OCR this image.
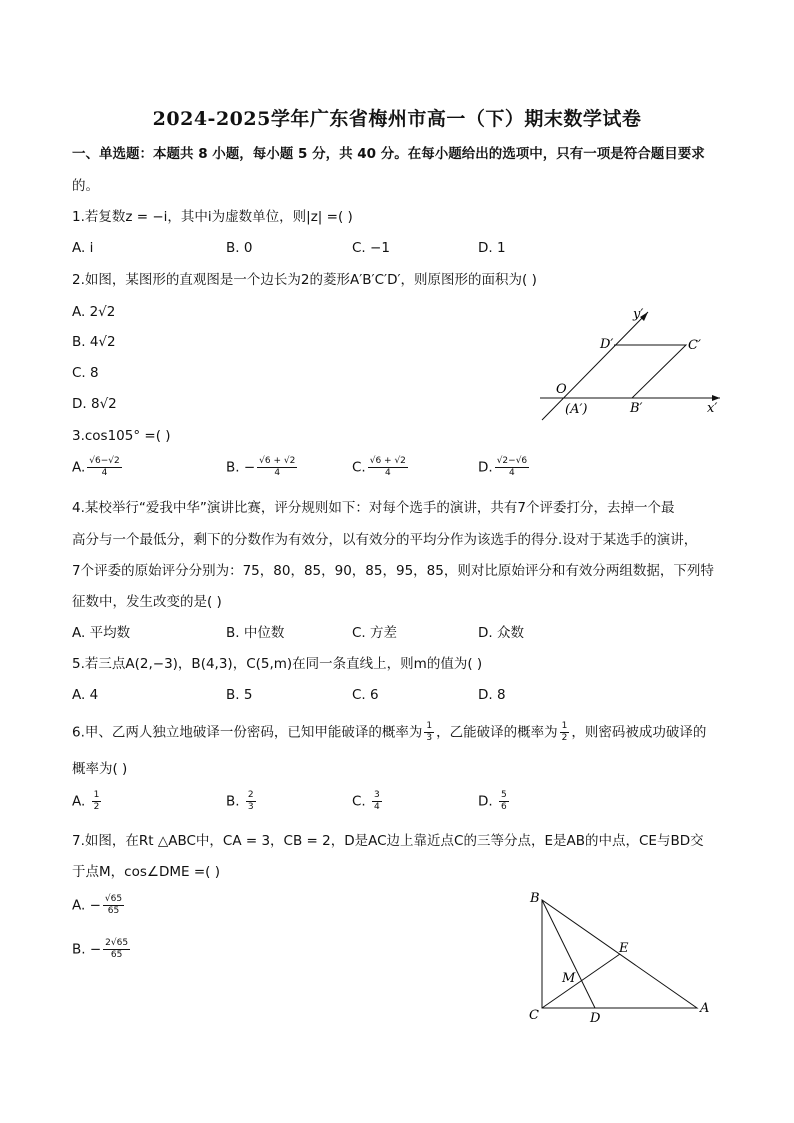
2024-2025学年广东省梅州市高一（下）期末数学试卷
一、单选题：本题共 8 小题，每小题 5 分，共 40 分。在每小题给出的选项中，只有一项是符合题目要求
的。
1.若复数z = −i，其中i为虚数单位，则|z| =( )
A. i	B. 0	C. −1	D. 1
2.如图，某图形的直观图是一个边长为2的菱形A′B′C′D′，则原图形的面积为( )
A. 2√2
B. 4√2
C. 8
D. 8√2
y′
D′	C′
O
(A′)	B′	x′
3.cos105° =( )
A. $\frac{√6-√2}{4}$	B. − $\frac{√6 + √2}{4}$	C. $\frac{√6 + √2}{4}$	D. $\frac{√2-√6}{4}$
4.某校举行“爱我中华”演讲比赛，评分规则如下：对每个选手的演讲，共有7个评委打分，去掉一个最
高分与一个最低分，剩下的分数作为有效分，以有效分的平均分作为该选手的得分.设对于某选手的演讲，
7个评委的原始评分分别为：75，80，85，90，85，95，85，则对比原始评分和有效分两组数据，下列特
征数中，发生改变的是( )
A. 平均数	B. 中位数	C. 方差	D. 众数
5.若三点A(2,−3)，B(4,3)，C(5,m)在同一条直线上，则m的值为( )
A. 4	B. 5	C. 6	D. 8
6.甲、乙两人独立地破译一份密码，已知甲能破译的概率为 $\frac{1}{3}$ ，乙能破译的概率为 $\frac{1}{2}$ ，则密码被成功破译的
概率为( )
A. $\frac{1}{2}$	B. $\frac{2}{3}$	C. $\frac{3}{4}$	D. $\frac{5}{6}$
7.如图，在Rt △ABC中，CA = 3，CB = 2，D是AC边上靠近点C的三等分点，E是AB的中点，CE与BD交
于点M，cos∠DME =( )
A. − $\frac{√65}{65}$
B. − $\frac{2√65}{65}$
B
E
M
C	D
A
